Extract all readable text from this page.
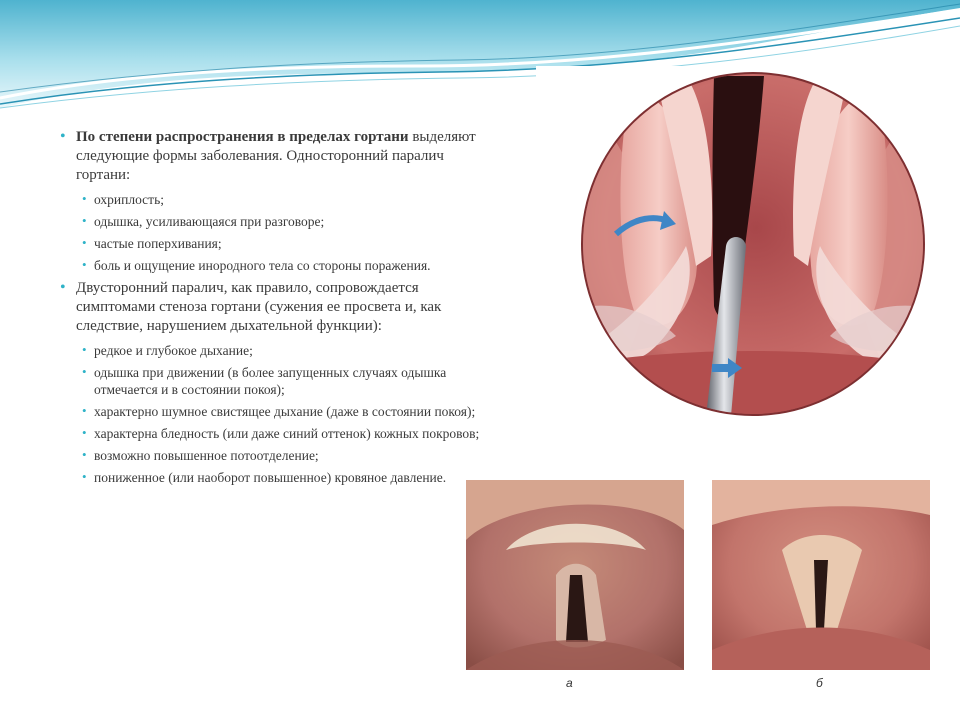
• По степени распространения в пределах гортани выделяют следующие формы заболевания. Односторонний паралич гортани:
• охриплость;
• одышка, усиливающаяся при разговоре;
• частые поперхивания;
• боль и ощущение инородного тела со стороны поражения.
• Двусторонний паралич, как правило, сопровождается симптомами стеноза гортани (сужения ее просвета и, как следствие, нарушением дыхательной функции):
• редкое и глубокое дыхание;
• одышка при движении (в более запущенных случаях одышка отмечается и в состоянии покоя);
• характерно шумное свистящее дыхание (даже в состоянии покоя);
• характерна бледность (или даже синий оттенок) кожных покровов;
• возможно повышенное потоотделение;
• пониженное (или наоборот повышенное) кровяное давление.
а	б
